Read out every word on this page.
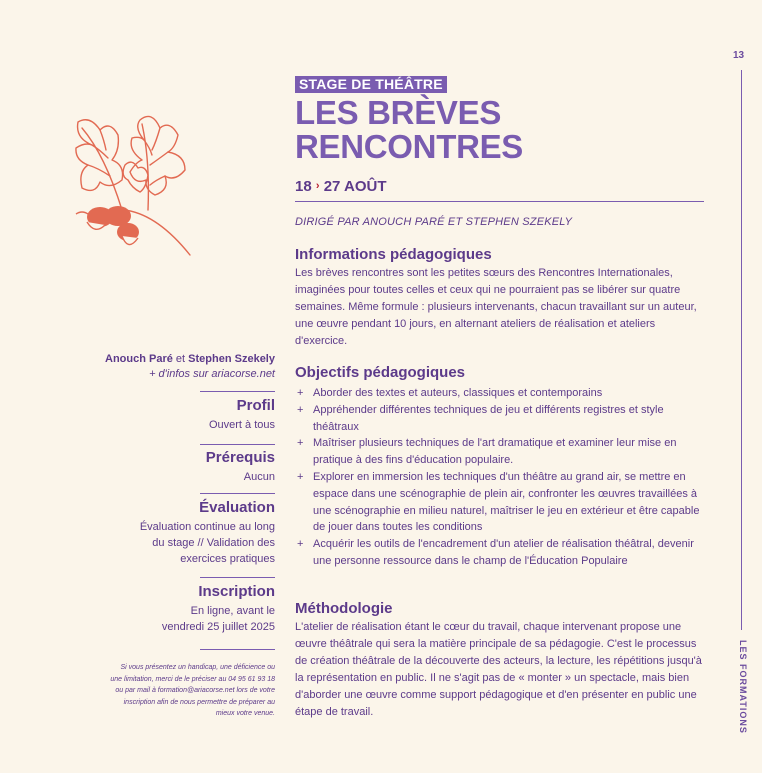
13
LES FORMATIONS
STAGE DE THÉÂTRE
LES BRÈVES
RENCONTRES
18 › 27 AOÛT
DIRIGÉ PAR ANOUCH PARÉ ET STEPHEN SZEKELY
Informations pédagogiques

Les brèves rencontres sont les petites sœurs des Rencontres Internationales, imaginées pour toutes celles et ceux qui ne pourraient pas se libérer sur quatre semaines. Même formule : plusieurs intervenants, chacun travaillant sur un auteur, une œuvre pendant 10 jours, en alternant ateliers de réalisation et ateliers d'exercice.

Objectifs pédagogiques
+ Aborder des textes et auteurs, classiques et contemporains
+ Appréhender différentes techniques de jeu et différents registres et style théâtraux
+ Maîtriser plusieurs techniques de l'art dramatique et examiner leur mise en pratique à des fins d'éducation populaire.
+ Explorer en immersion les techniques d'un théâtre au grand air, se mettre en espace dans une scénographie de plein air, confronter les œuvres travaillées à une scénographie en milieu naturel, maîtriser le jeu en extérieur et être capable de jouer dans toutes les conditions
+ Acquérir les outils de l'encadrement d'un atelier de réalisation théâtral, devenir une personne ressource dans le champ de l'Éducation Populaire
Méthodologie

L'atelier de réalisation étant le cœur du travail, chaque intervenant propose une œuvre théâtrale qui sera la matière principale de sa pédagogie. C'est le processus de création théâtrale de la découverte des acteurs, la lecture, les répétitions jusqu'à la représentation en public. Il ne s'agit pas de « monter » un spectacle, mais bien d'aborder une œuvre comme support pédagogique et d'en présenter en public une étape de travail.

Anouch Paré et Stephen Szekely
+ d'infos sur ariacorse.net
Profil
Ouvert à tous
Prérequis
Aucun
Évaluation
Évaluation continue au long
du stage // Validation des
exercices pratiques
Inscription
En ligne, avant le
vendredi 25 juillet 2025
Si vous présentez un handicap, une déficience ou
une limitation, merci de le préciser au 04 95 61 93 18
ou par mail à formation@ariacorse.net lors de votre
inscription afin de nous permettre de préparer au
mieux votre venue.
